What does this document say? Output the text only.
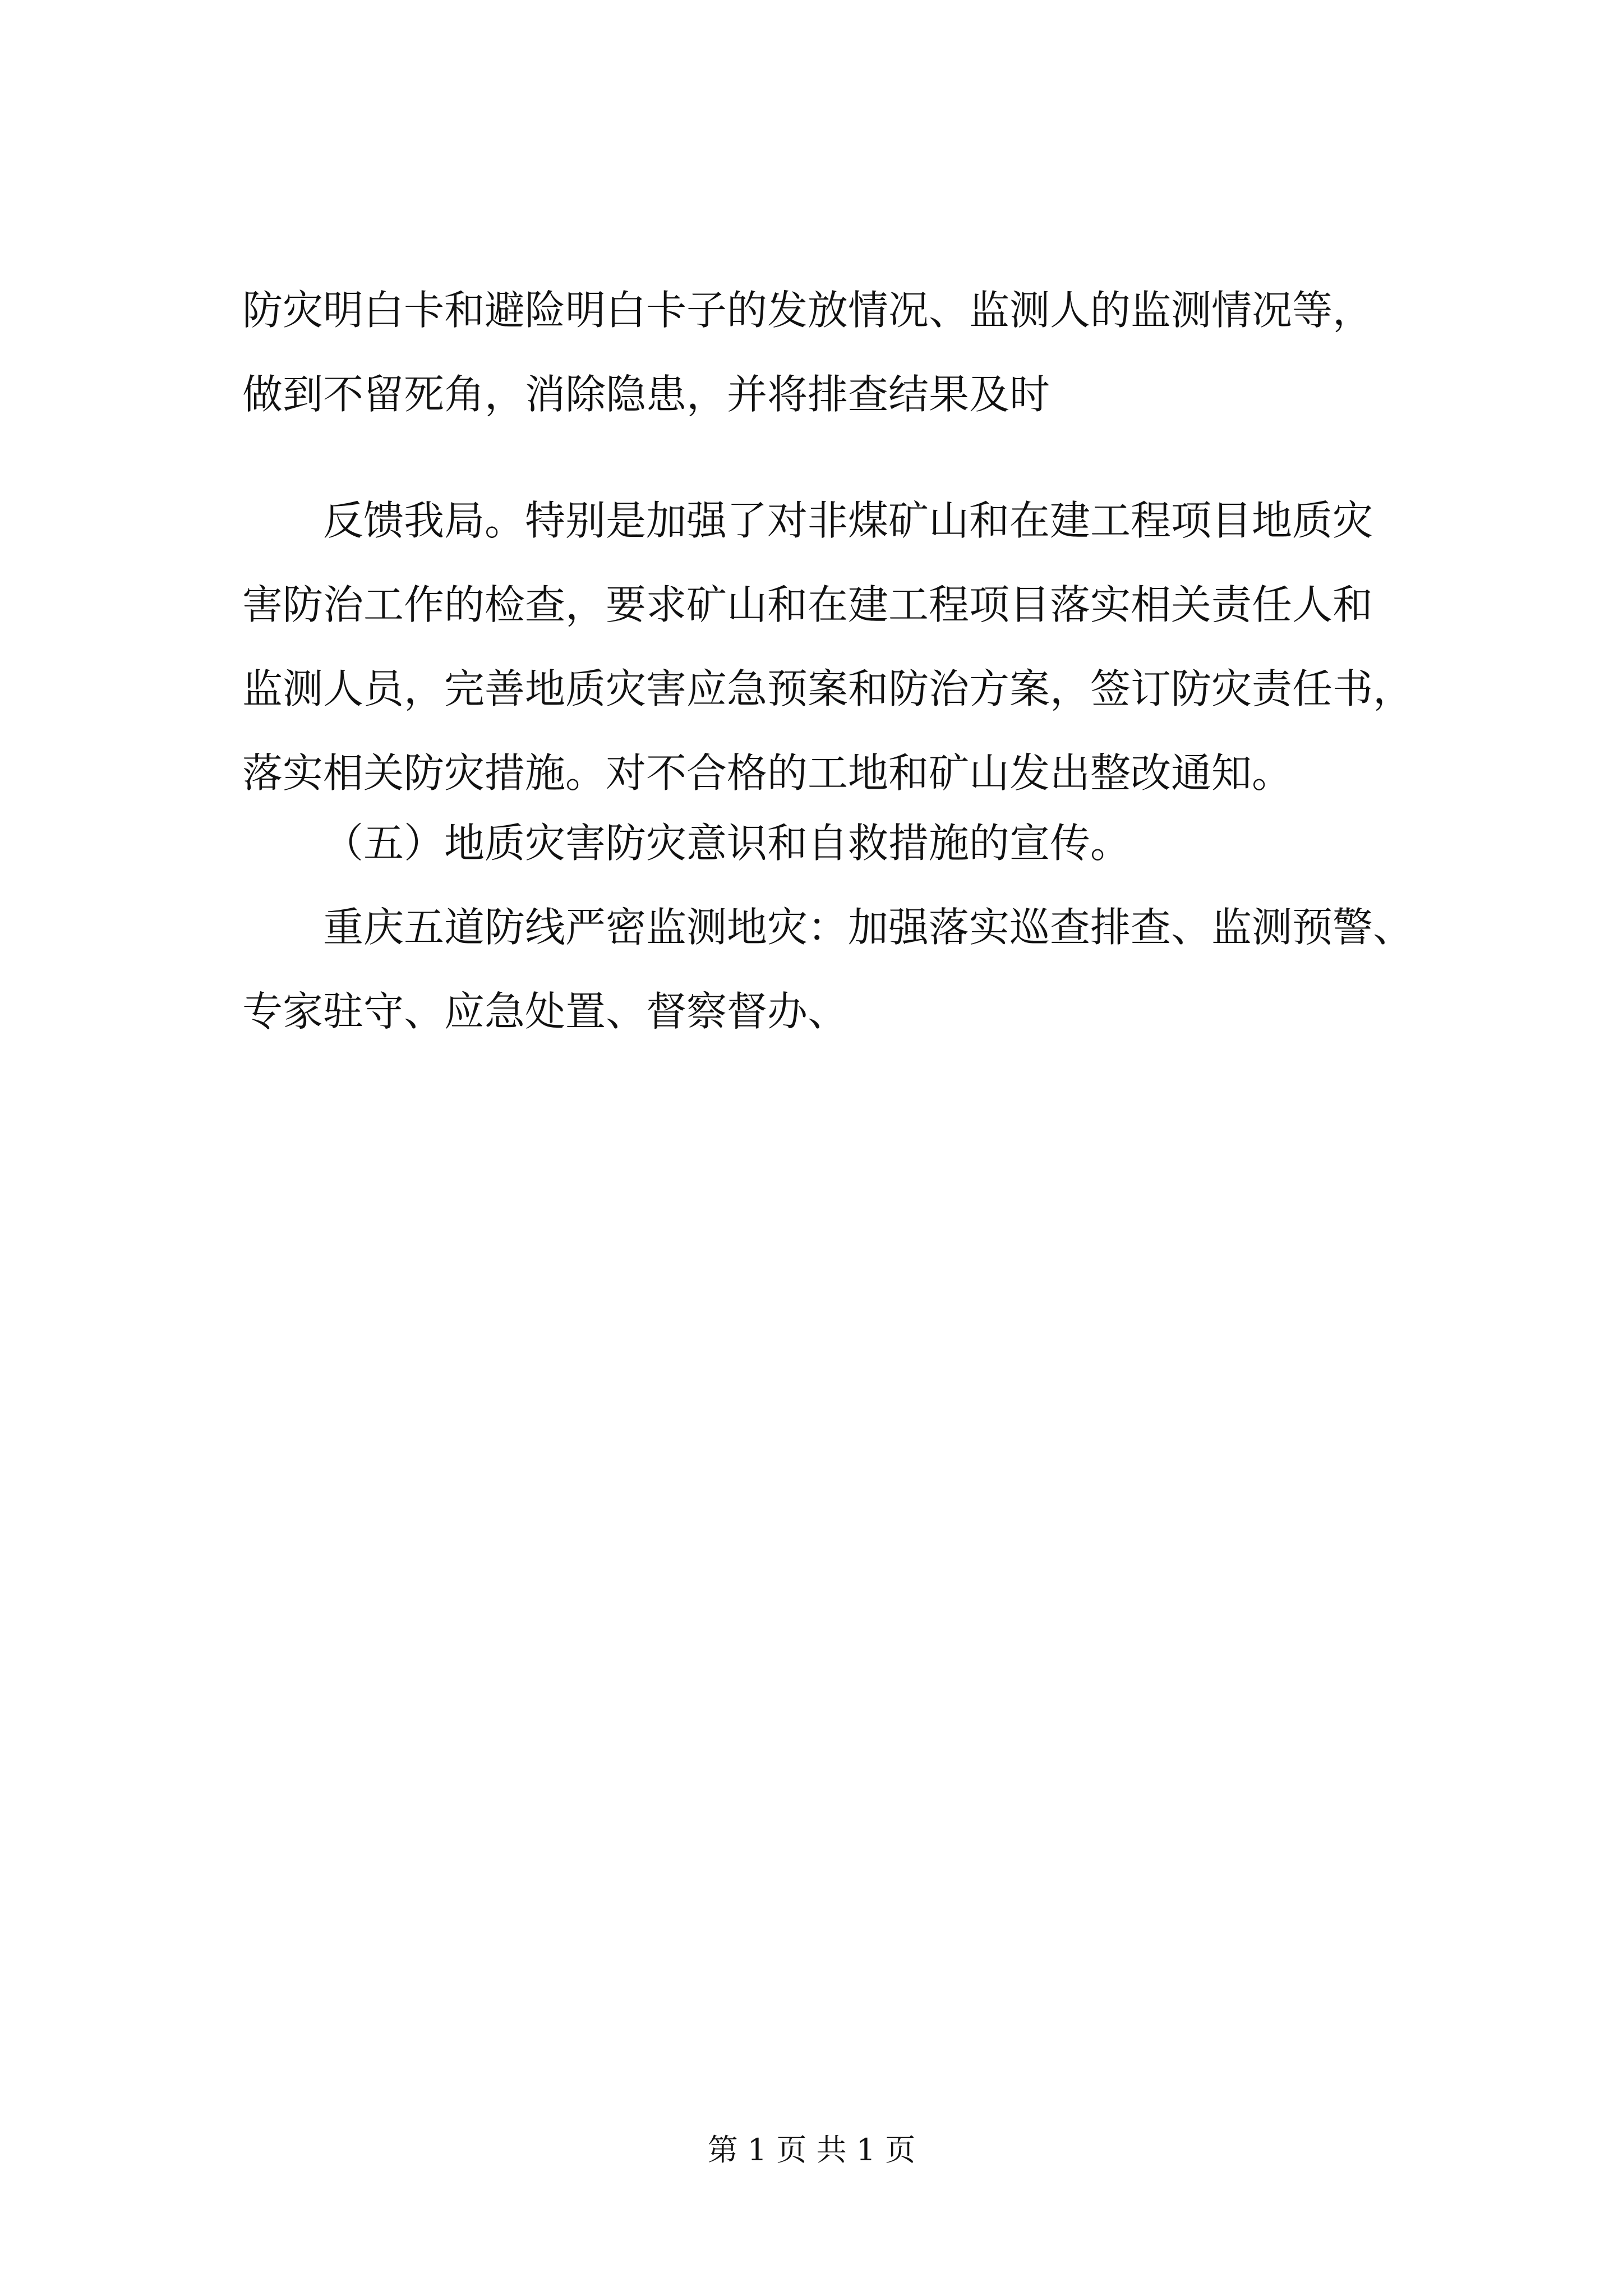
防灾明白卡和避险明白卡子的发放情况、监测人的监测情况等，

做到不留死角，消除隐患，并将排查结果及时

反馈我局。特别是加强了对非煤矿山和在建工程项目地质灾

害防治工作的检查，要求矿山和在建工程项目落实相关责任人和

监测人员，完善地质灾害应急预案和防治方案，签订防灾责任书，

落实相关防灾措施。对不合格的工地和矿山发出整改通知。

（五）地质灾害防灾意识和自救措施的宣传。

重庆五道防线严密监测地灾：加强落实巡查排查、监测预警、

专家驻守、应急处置、督察督办、

第 1 页 共 1 页
